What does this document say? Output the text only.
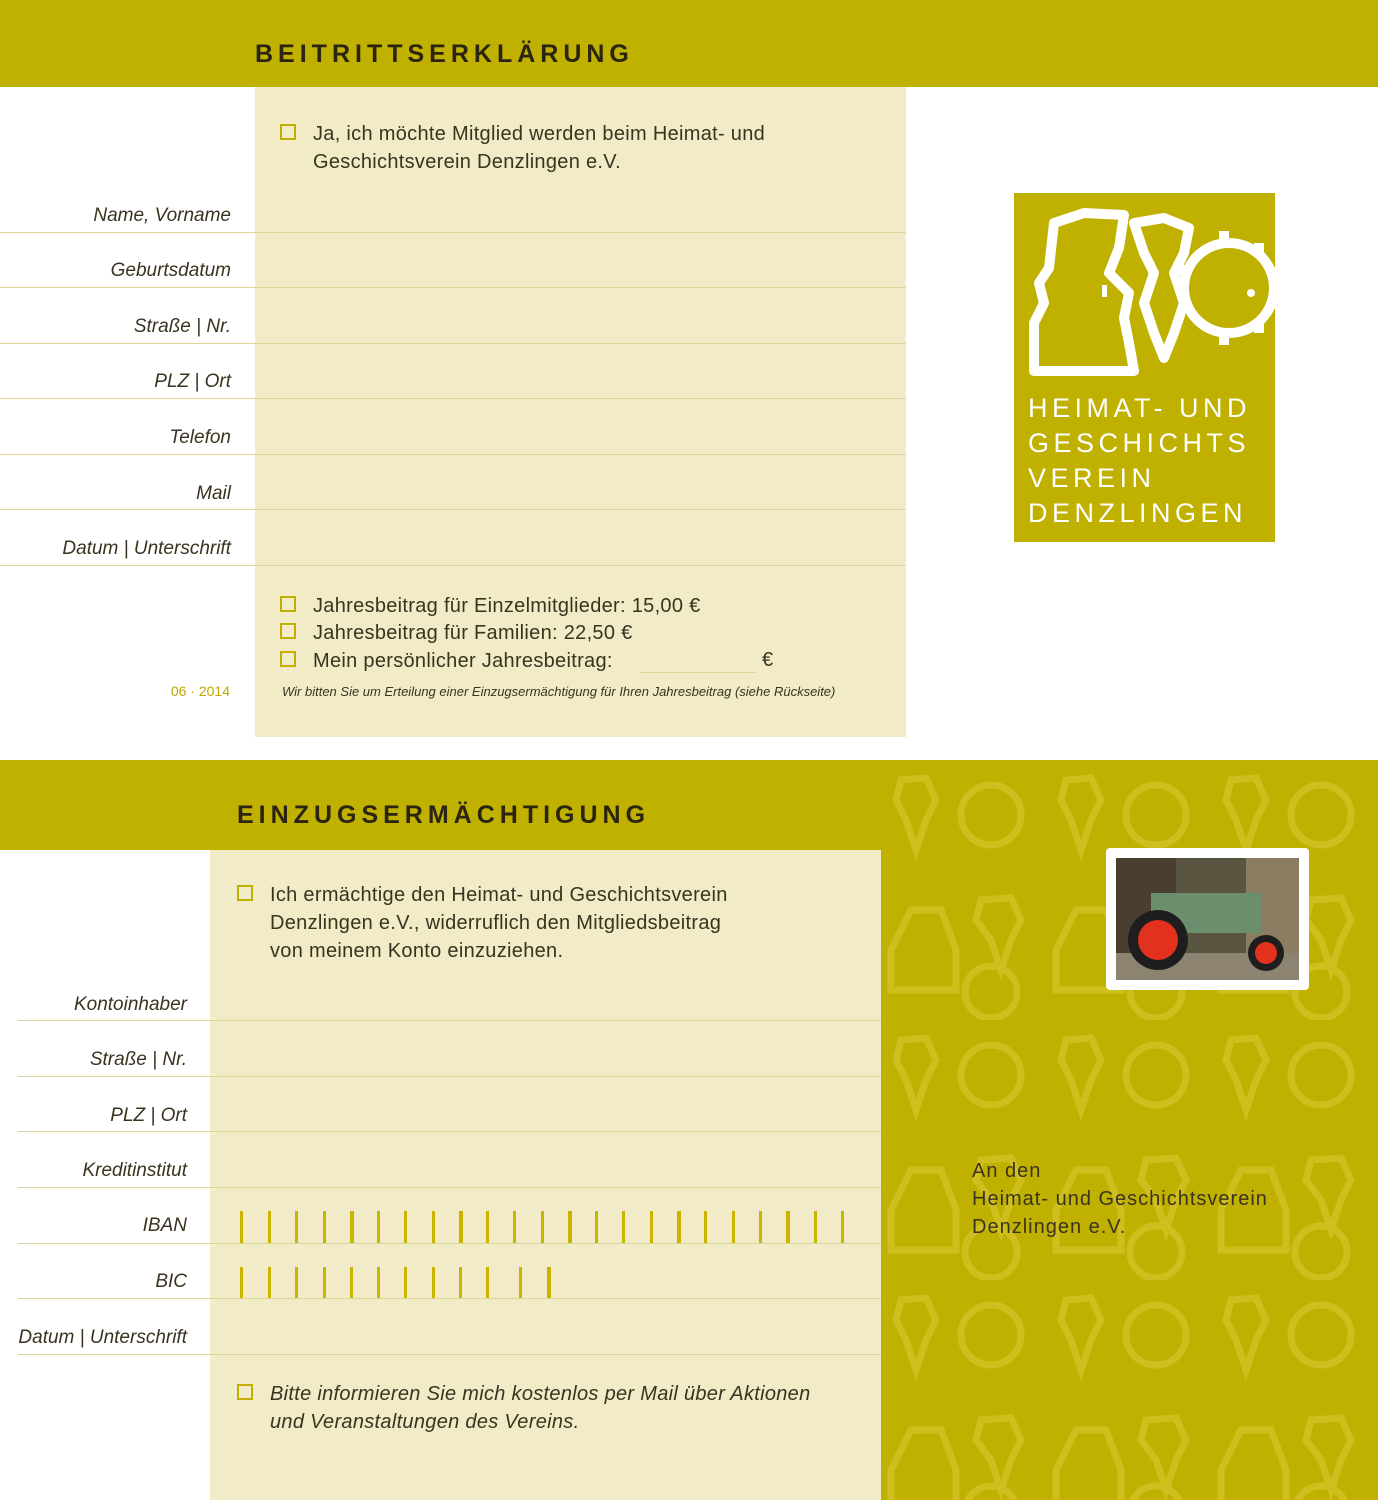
BEITRITTSERKLÄRUNG
Ja, ich möchte Mitglied werden beim Heimat- und
Geschichtsverein Denzlingen e.V.
Name, Vorname
Geburtsdatum
Straße | Nr.
PLZ | Ort
Telefon
Mail
Datum | Unterschrift
Jahresbeitrag für Einzelmitglieder: 15,00 €
Jahresbeitrag für Familien: 22,50 €
Mein persönlicher Jahresbeitrag:	€
Wir bitten Sie um Erteilung einer Einzugsermächtigung für Ihren Jahresbeitrag (siehe Rückseite)
06 · 2014
HEIMAT- UND
GESCHICHTS
VEREIN
DENZLINGEN
EINZUGSERMÄCHTIGUNG
An den
Heimat- und Geschichtsverein
Denzlingen e.V.
Ich ermächtige den Heimat- und Geschichtsverein
Denzlingen e.V., widerruflich den Mitgliedsbeitrag
von meinem Konto einzuziehen.
Kontoinhaber
Straße | Nr.
PLZ | Ort
Kreditinstitut
IBAN
BIC
Datum | Unterschrift
Bitte informieren Sie mich kostenlos per Mail über Aktionen
und Veranstaltungen des Vereins.
